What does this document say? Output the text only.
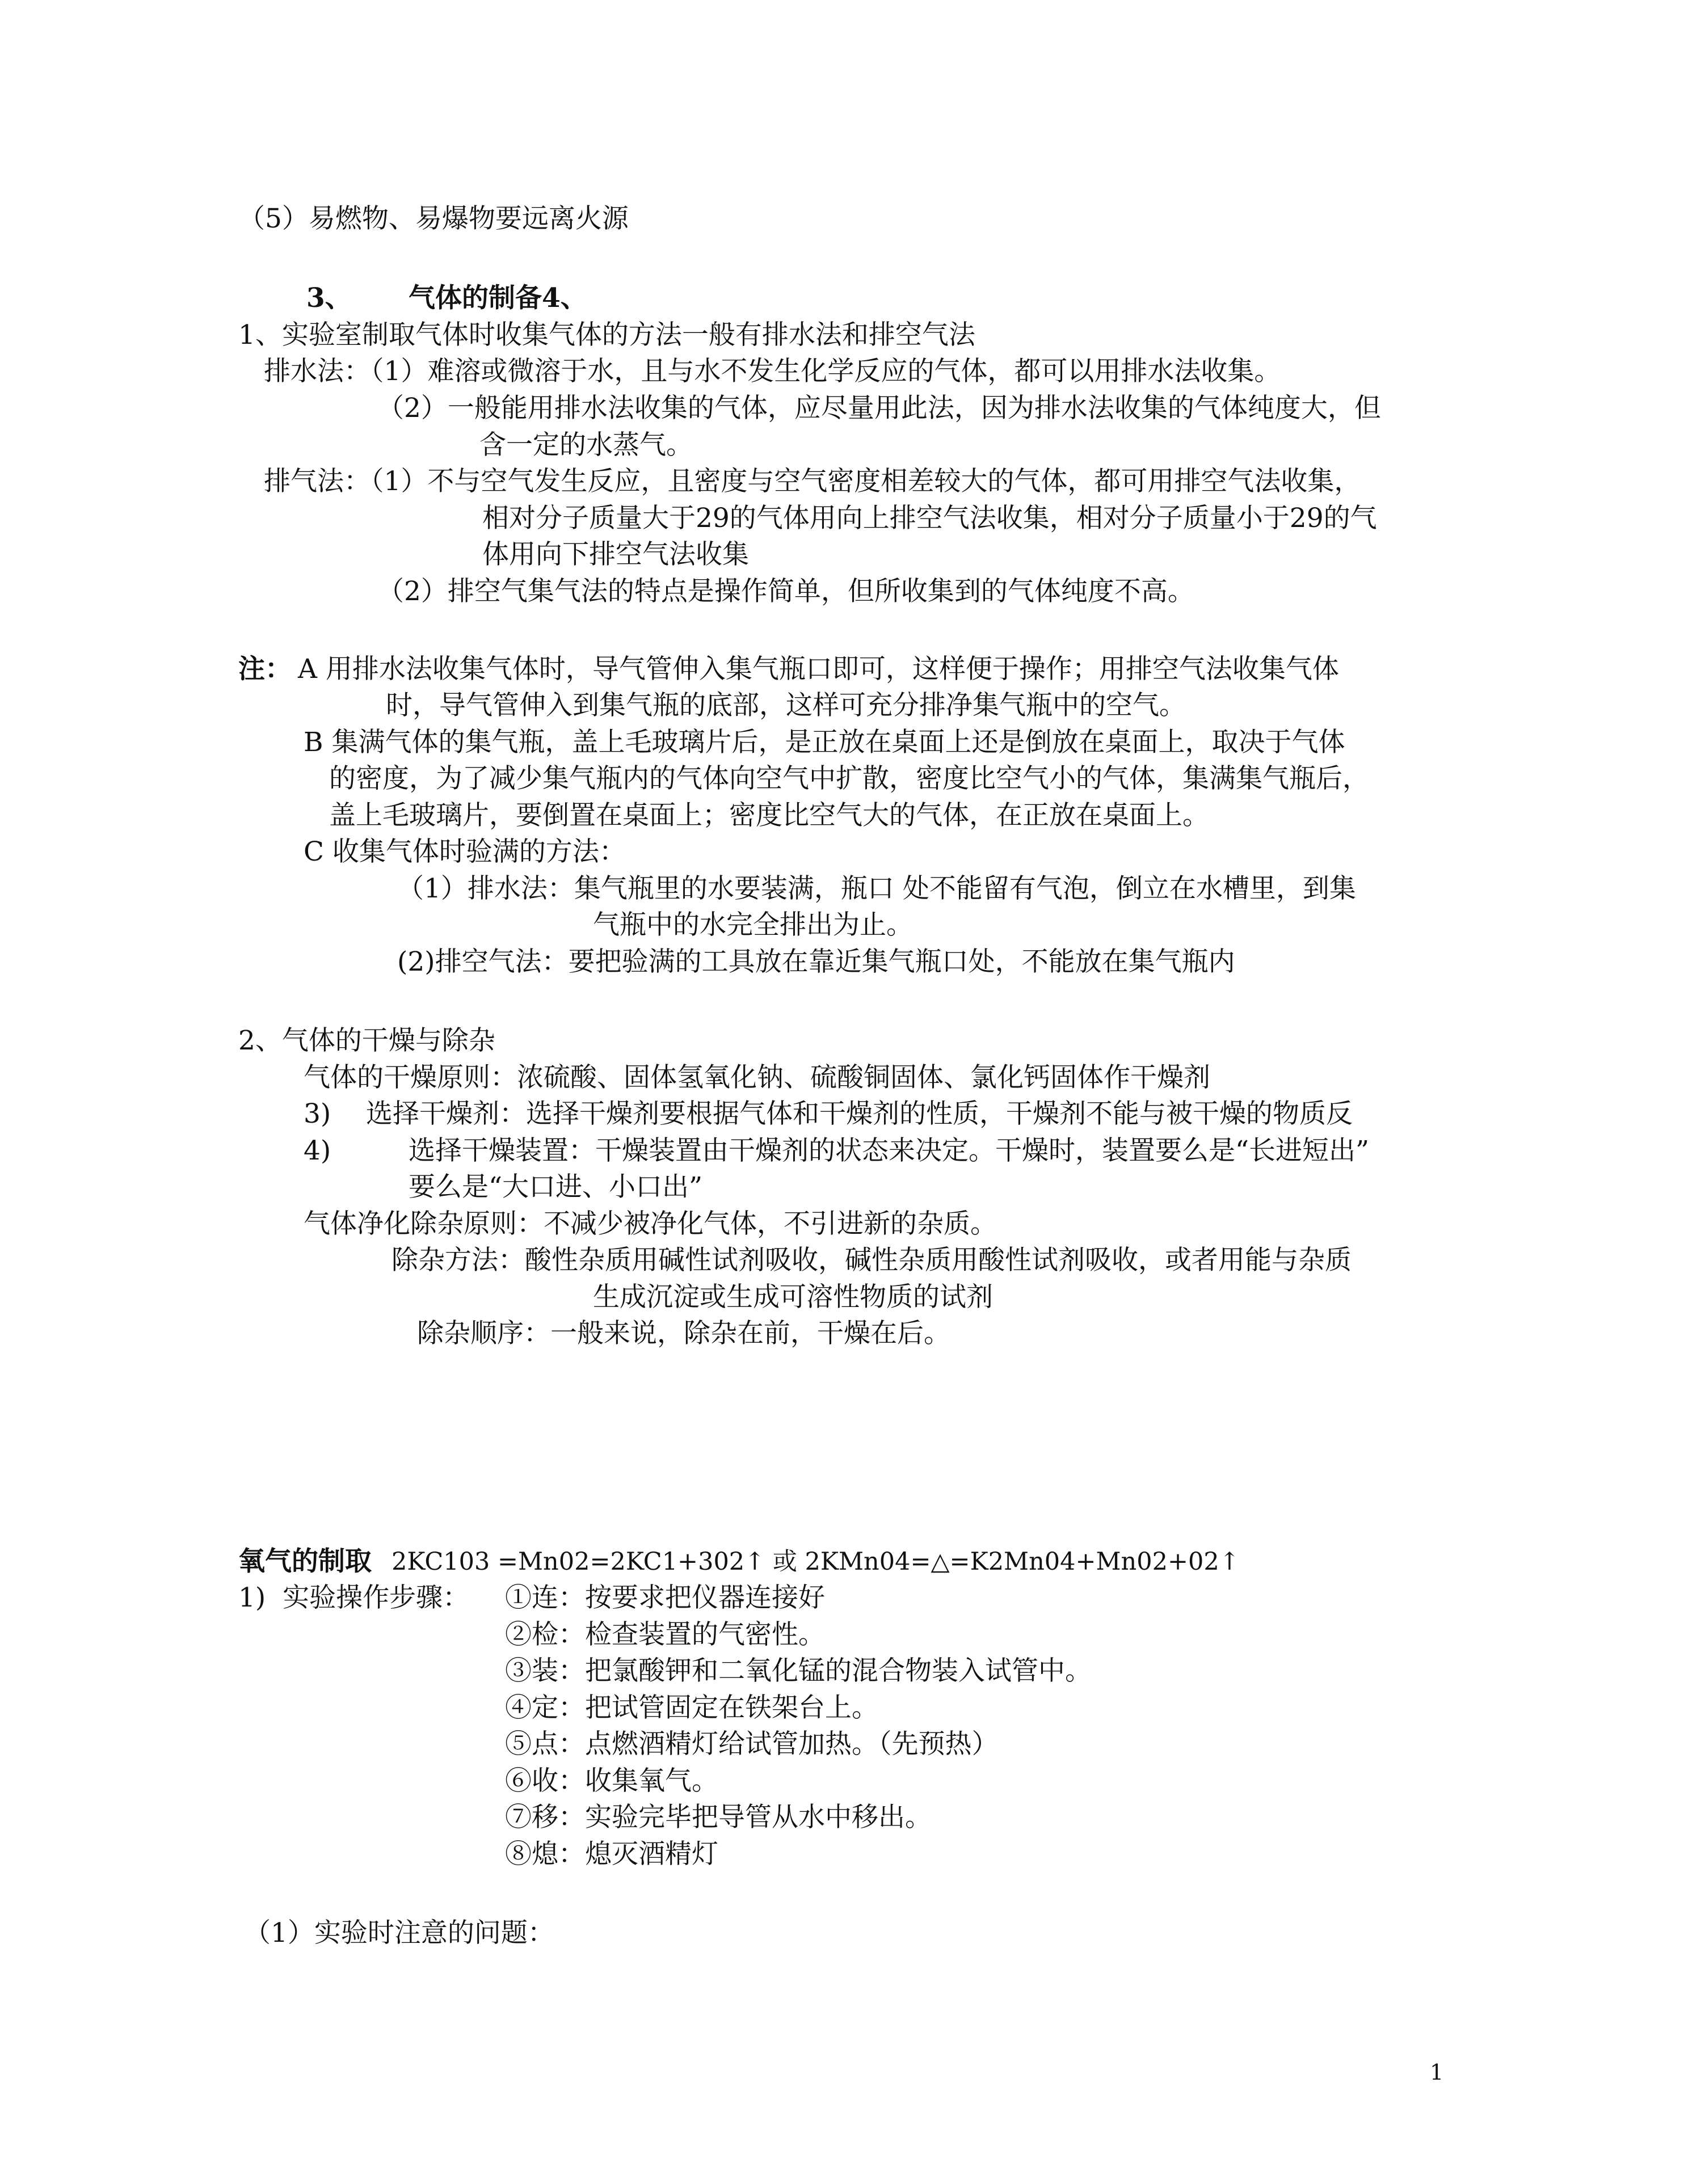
（5）易燃物、易爆物要远离火源
3、 气体的制备4、
1、实验室制取气体时收集气体的方法一般有排水法和排空气法
排水法：（1）难溶或微溶于水，且与水不发生化学反应的气体，都可以用排水法收集。
（2）一般能用排水法收集的气体，应尽量用此法，因为排水法收集的气体纯度大，但
含一定的水蒸气。
排气法：（1）不与空气发生反应，且密度与空气密度相差较大的气体，都可用排空气法收集，
相对分子质量大于29的气体用向上排空气法收集，相对分子质量小于29的气
体用向下排空气法收集
（2）排空气集气法的特点是操作简单，但所收集到的气体纯度不高。
注： A 用排水法收集气体时，导气管伸入集气瓶口即可，这样便于操作；用排空气法收集气体
时，导气管伸入到集气瓶的底部，这样可充分排净集气瓶中的空气。
B 集满气体的集气瓶，盖上毛玻璃片后，是正放在桌面上还是倒放在桌面上，取决于气体
的密度，为了减少集气瓶内的气体向空气中扩散，密度比空气小的气体，集满集气瓶后，
盖上毛玻璃片，要倒置在桌面上；密度比空气大的气体，在正放在桌面上。
C 收集气体时验满的方法：
（1）排水法：集气瓶里的水要装满，瓶口 处不能留有气泡，倒立在水槽里，到集
气瓶中的水完全排出为止。
(2)排空气法：要把验满的工具放在靠近集气瓶口处，不能放在集气瓶内
2、气体的干燥与除杂
气体的干燥原则：浓硫酸、固体氢氧化钠、硫酸铜固体、氯化钙固体作干燥剂
3) 选择干燥剂：选择干燥剂要根据气体和干燥剂的性质，干燥剂不能与被干燥的物质反
4)	选择干燥装置：干燥装置由干燥剂的状态来决定。干燥时，装置要么是“长进短出”
要么是“大口进、小口出”
气体净化除杂原则：不减少被净化气体，不引进新的杂质。
除杂方法：酸性杂质用碱性试剂吸收，碱性杂质用酸性试剂吸收，或者用能与杂质
生成沉淀或生成可溶性物质的试剂
除杂顺序：一般来说，除杂在前，干燥在后。
氧气的制取 2KC103 =Mn02=2KC1+302↑ 或 2KMn04=△=K2Mn04+Mn02+02↑
1)  实验操作步骤： ①连：按要求把仪器连接好
②检：检查装置的气密性。
③装：把氯酸钾和二氧化锰的混合物装入试管中。
④定：把试管固定在铁架台上。
⑤点：点燃酒精灯给试管加热。（先预热）
⑥收：收集氧气。
⑦移：实验完毕把导管从水中移出。
⑧熄：熄灭酒精灯
（1）实验时注意的问题：
1
